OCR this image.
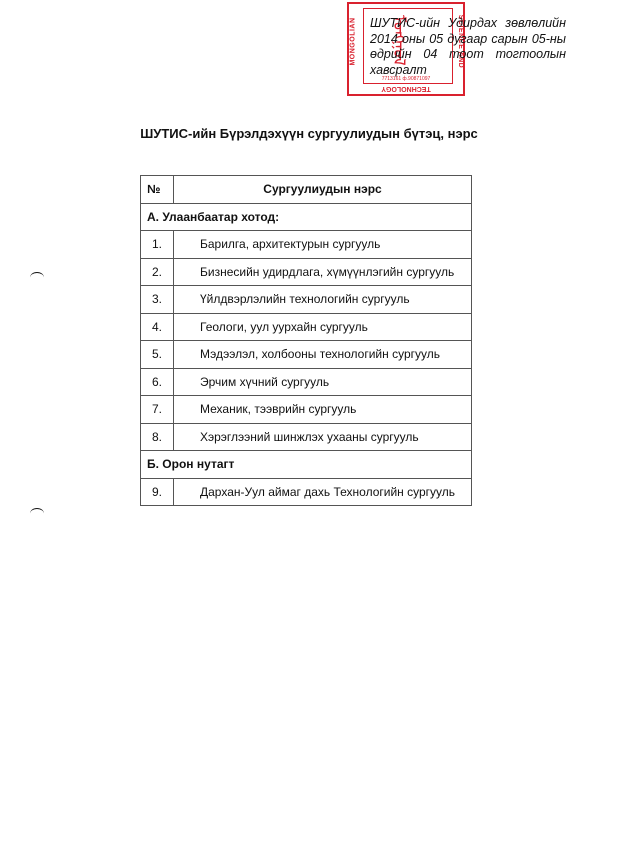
ᠮᠣᠩᠭᠣᠯ
MONGOLIAN	SCIENCE AND
7713161 ф.90871097
TECHNOLOGY
ШУТИС-ийн Удирдах зөвлөлийн
2014 оны 05 дугаар сарын 05-ны
өдрийн 04 тоот тогтоолын
хавсралт
ШУТИС-ийн Бүрэлдэхүүн сургуулиудын бүтэц, нэрс
№	Сургуулиудын нэрс
А. Улаанбаатар хотод:	
1.	Барилга, архитектурын сургууль
2.	Бизнесийн удирдлага, хүмүүнлэгийн сургууль
3.	Үйлдвэрлэлийн технологийн сургууль
4.	Геологи, уул уурхайн сургууль
5.	Мэдээлэл, холбооны технологийн сургууль
6.	Эрчим хүчний сургууль
7.	Механик, тээврийн сургууль
8.	Хэрэглээний шинжлэх ухааны сургууль
Б. Орон нутагт	
9.	Дархан-Уул аймаг дахь Технологийн сургууль
